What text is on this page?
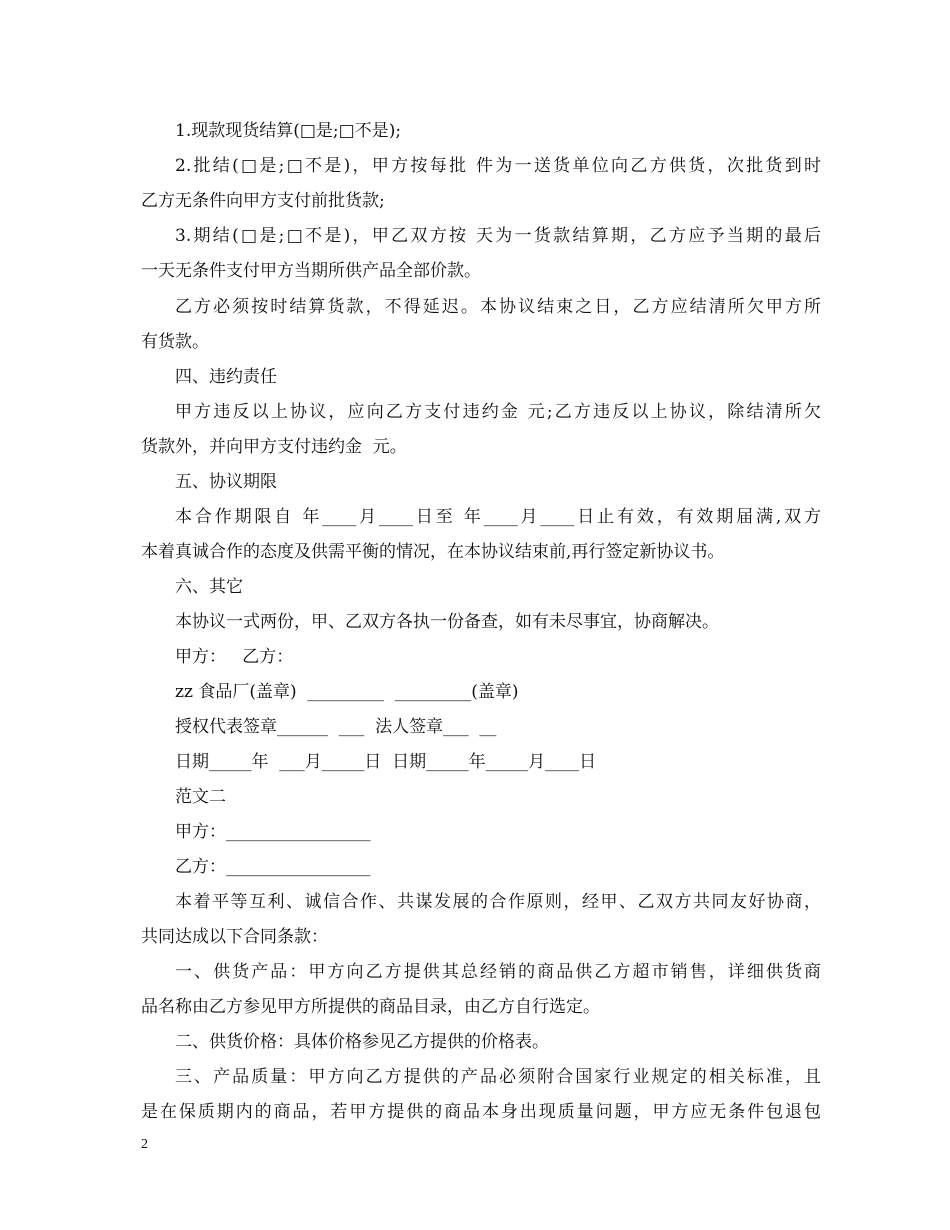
1.现款现货结算(□是;□不是);
2.批结(□是;□不是)，甲方按每批 件为一送货单位向乙方供货，次批货到时
乙方无条件向甲方支付前批货款;
3.期结(□是;□不是)，甲乙双方按 天为一货款结算期，乙方应予当期的最后
一天无条件支付甲方当期所供产品全部价款。
乙方必须按时结算货款，不得延迟。本协议结束之日，乙方应结清所欠甲方所
有货款。
四、违约责任
甲方违反以上协议，应向乙方支付违约金 元;乙方违反以上协议，除结清所欠
货款外，并向甲方支付违约金  元。
五、协议期限
本合作期限自 年____月____日至 年____月____日止有效，有效期届满,双方
本着真诚合作的态度及供需平衡的情况，在本协议结束前,再行签定新协议书。
六、其它
本协议一式两份，甲、乙双方各执一份备查，如有未尽事宜，协商解决。
甲方：   乙方：
zz 食品厂(盖章)  _________  _________(盖章)
授权代表签章______  ___  法人签章___  __
日期_____年  ___月_____日  日期_____年_____月____日
范文二
甲方：_________________
乙方：_________________
本着平等互利、诚信合作、共谋发展的合作原则，经甲、乙双方共同友好协商，
共同达成以下合同条款：
一、供货产品：甲方向乙方提供其总经销的商品供乙方超市销售，详细供货商
品名称由乙方参见甲方所提供的商品目录，由乙方自行选定。
二、供货价格：具体价格参见乙方提供的价格表。
三、产品质量：甲方向乙方提供的产品必须附合国家行业规定的相关标准，且
是在保质期内的商品，若甲方提供的商品本身出现质量问题，甲方应无条件包退包
2
